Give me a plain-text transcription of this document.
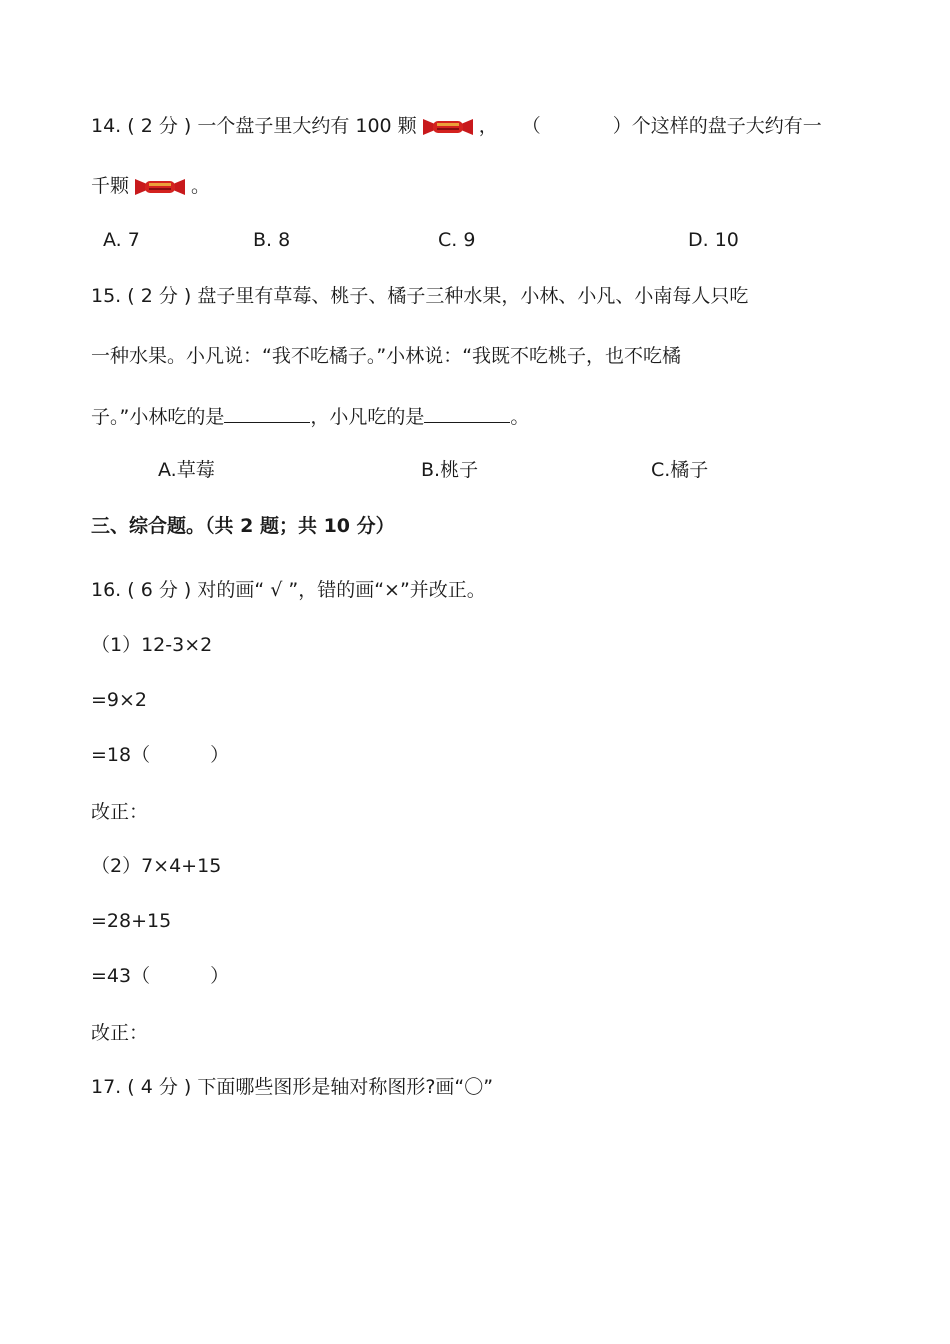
14. ( 2 分 ) 一个盘子里大约有 100 颗	， （	）个这样的盘子大约有一
千颗	。
A. 7	B. 8	C. 9	D. 10
15. ( 2 分 ) 盘子里有草莓、桃子、橘子三种水果，小林、小凡、小南每人只吃
一种水果。小凡说：“我不吃橘子。”小林说：“我既不吃桃子，也不吃橘
子。”小林吃的是	，小凡吃的是	。
A.草莓	B.桃子	C.橘子
三、综合题。（共 2 题；共 10 分）
16. ( 6 分 ) 对的画“ √ ”，错的画“×”并改正。
（1）12-3×2
=9×2
=18（	）
改正：
（2）7×4+15
=28+15
=43（	）
改正：
17. ( 4 分 ) 下面哪些图形是轴对称图形?画“〇”
